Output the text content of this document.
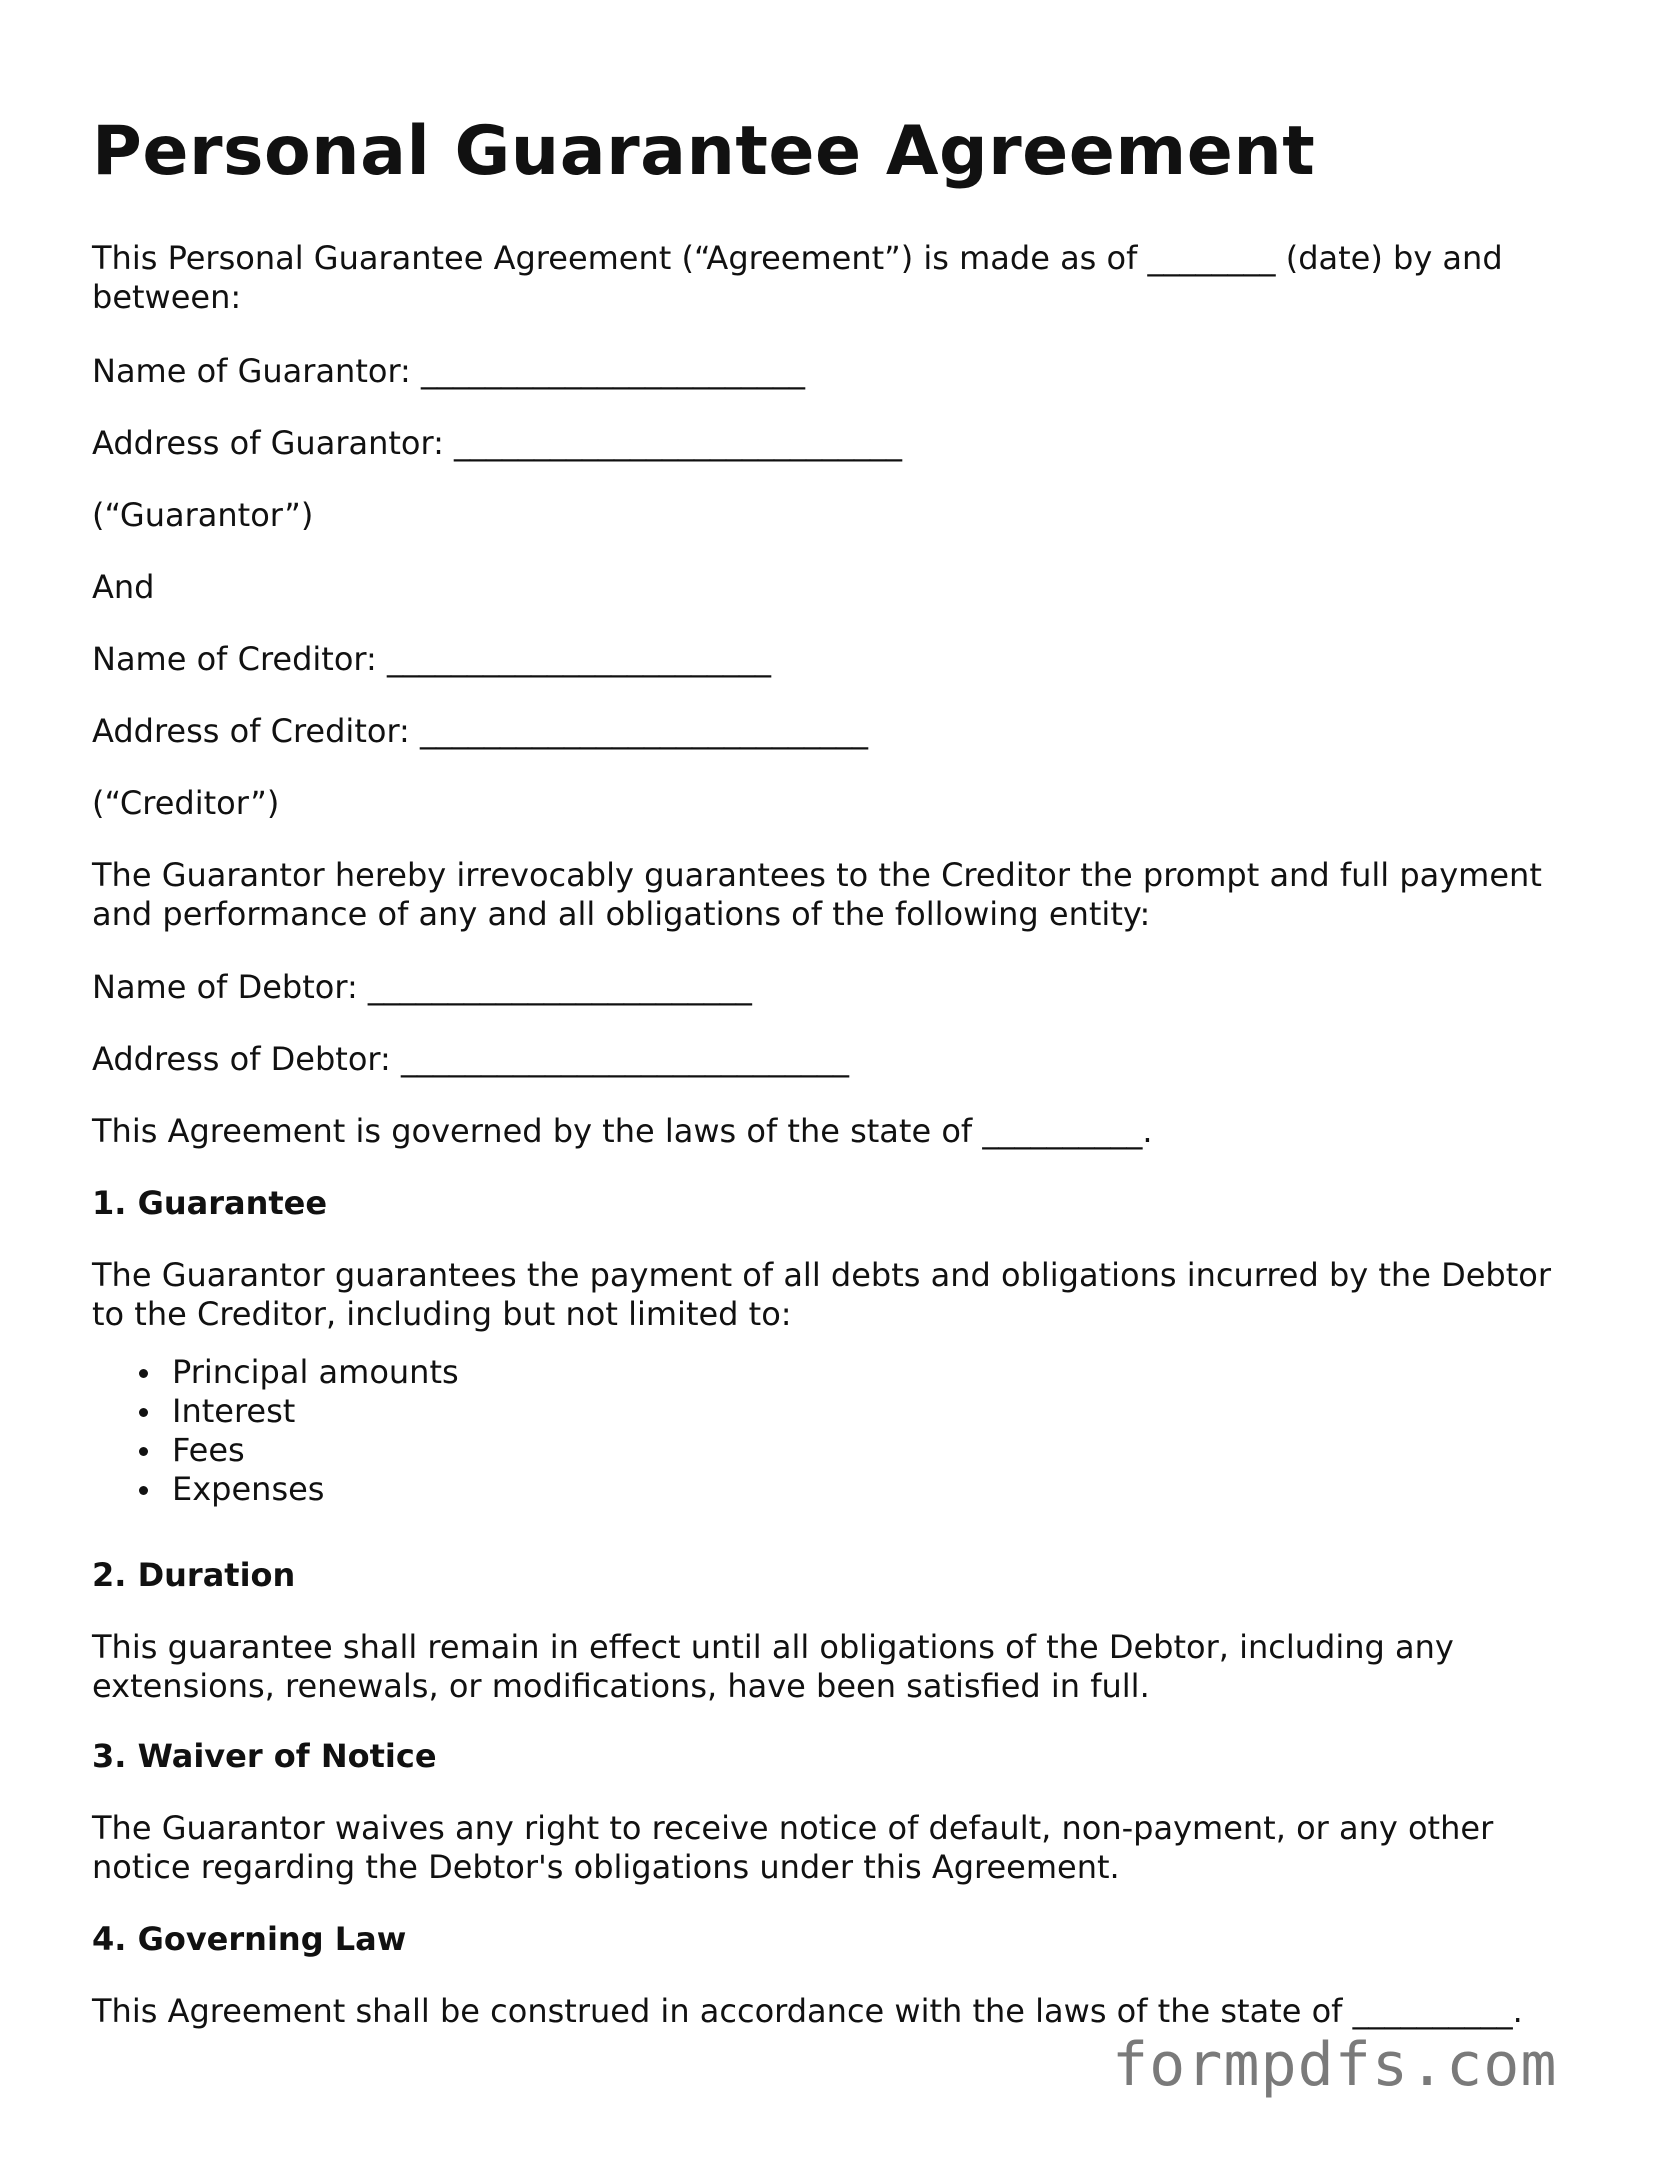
Personal Guarantee Agreement
This Personal Guarantee Agreement (“Agreement”) is made as of ________ (date) by and
between:
Name of Guarantor: ________________________
Address of Guarantor: ____________________________
(“Guarantor”)
And
Name of Creditor: ________________________
Address of Creditor: ____________________________
(“Creditor”)
The Guarantor hereby irrevocably guarantees to the Creditor the prompt and full payment
and performance of any and all obligations of the following entity:
Name of Debtor: ________________________
Address of Debtor: ____________________________
This Agreement is governed by the laws of the state of __________.
1. Guarantee
The Guarantor guarantees the payment of all debts and obligations incurred by the Debtor
to the Creditor, including but not limited to:
Principal amounts
Interest
Fees
Expenses
2. Duration
This guarantee shall remain in effect until all obligations of the Debtor, including any
extensions, renewals, or modifications, have been satisfied in full.
3. Waiver of Notice
The Guarantor waives any right to receive notice of default, non-payment, or any other
notice regarding the Debtor's obligations under this Agreement.
4. Governing Law
This Agreement shall be construed in accordance with the laws of the state of __________.
formpdfs.com
